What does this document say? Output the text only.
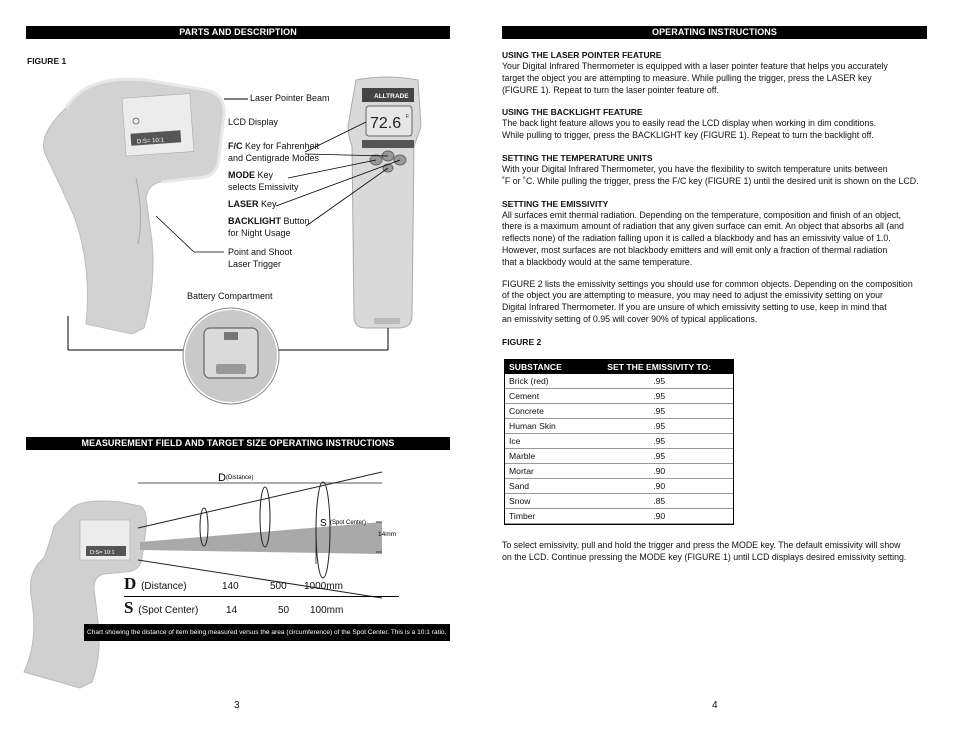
PARTS AND DESCRIPTION
FIGURE 1
D:S= 10:1
ALLTRADE
72.6 F
Laser Pointer Beam
LCD Display
F/C Key for Fahrenheit
and Centigrade Modes
MODE Key
selects Emissivity
LASER Key
BACKLIGHT Button
for Night Usage
Point and Shoot
Laser Trigger
Battery Compartment
MEASUREMENT FIELD AND TARGET SIZE OPERATING INSTRUCTIONS
D:S= 10:1
D (Distance)
S (Spot Center)
14mm
D (Distance)	140	500 1000mm
S (Spot Center)	14	50 100mm
Chart showing the distance of item being measured versus the area (circumference) of the Spot Center. This is a 10:1 ratio.
3
OPERATING INSTRUCTIONS
USING THE LASER POINTER FEATURE
Your Digital Infrared Thermometer is equipped with a laser pointer feature that helps you accurately
target the object you are attempting to measure. While pulling the trigger, press the LASER key
(FIGURE 1). Repeat to turn the laser pointer feature off.
USING THE BACKLIGHT FEATURE
The back light feature allows you to easily read the LCD display when working in dim conditions.
While pulling to trigger, press the BACKLIGHT key (FIGURE 1). Repeat to turn the backlight off.
SETTING THE TEMPERATURE UNITS
With your Digital Infrared Thermometer, you have the flexibility to switch temperature units between
˚F or ˚C. While pulling the trigger, press the F/C key (FIGURE 1) until the desired unit is shown on the LCD.
SETTING THE EMISSIVITY
All surfaces emit thermal radiation. Depending on the temperature, composition and finish of an object,
there is a maximum amount of radiation that any given surface can emit. An object that absorbs all (and
reflects none) of the radiation falling upon it is called a blackbody and has an emissivity value of 1.0.
However, most surfaces are not blackbody emitters and will emit only a fraction of thermal radiation
that a blackbody would at the same temperature.
FIGURE 2 lists the emissivity settings you should use for common objects. Depending on the composition
of the object you are attempting to measure, you may need to adjust the emissivity setting on your
Digital Infrared Thermometer. If you are unsure of which emissivity setting to use, keep in mind that
an emissivity setting of 0.95 will cover 90% of typical applications.
FIGURE 2
SUBSTANCE	SET THE EMISSIVITY TO:
Brick (red)	.95
Cement	.95
Concrete	.95
Human Skin	.95
Ice	.95
Marble	.95
Mortar	.90
Sand	.90
Snow	.85
Timber	.90
To select emissivity, pull and hold the trigger and press the MODE key. The default emissivity will show
on the LCD. Continue pressing the MODE key (FIGURE 1) until LCD displays desired emissivity setting.
4
